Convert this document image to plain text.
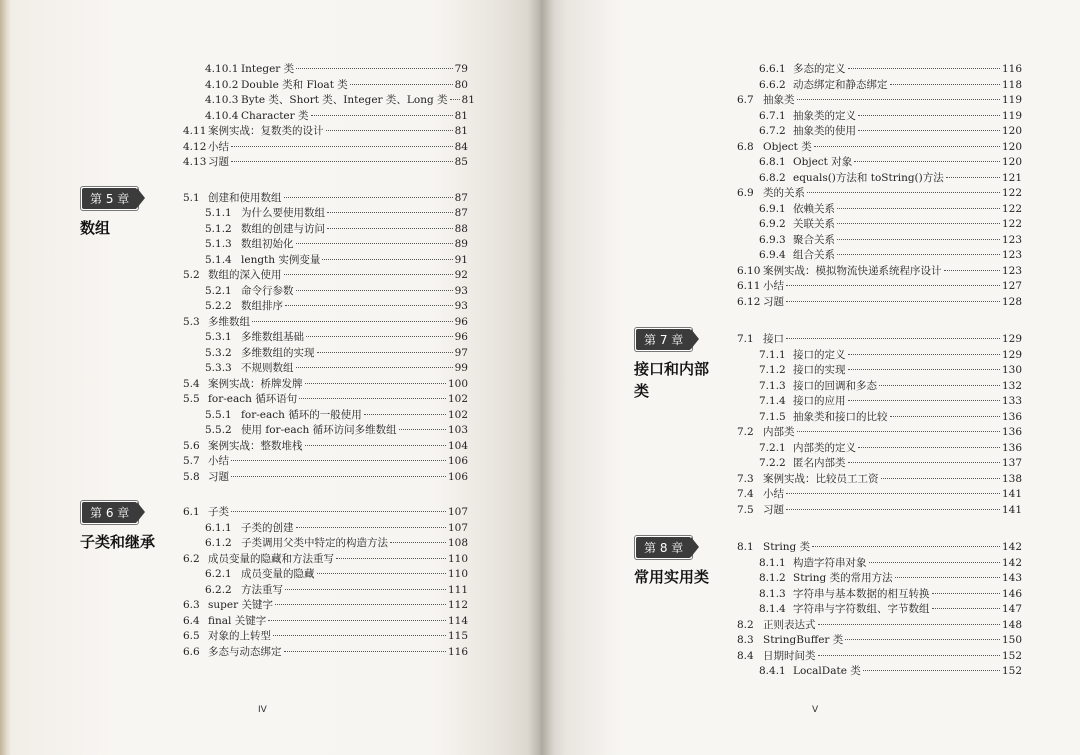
4.10.1 Integer 类	79
4.10.2 Double 类和 Float 类	80
4.10.3 Byte 类、Short 类、Integer 类、Long 类 81
4.10.4 Character 类	81
4.11 案例实战：复数类的设计	81
4.12 小结	84
4.13 习题	85
第 5 章
数组
5.1 创建和使用数组	87
5.1.1 为什么要使用数组	87
5.1.2 数组的创建与访问	88
5.1.3 数组初始化	89
5.1.4 length 实例变量	91
5.2 数组的深入使用	92
5.2.1 命令行参数	93
5.2.2 数组排序	93
5.3 多维数组	96
5.3.1 多维数组基础	96
5.3.2 多维数组的实现	97
5.3.3 不规则数组	99
5.4 案例实战：桥牌发牌	100
5.5 for-each 循环语句	102
5.5.1 for-each 循环的一般使用	102
5.5.2 使用 for-each 循环访问多维数组	103
5.6 案例实战：整数堆栈	104
5.7 小结	106
5.8 习题	106
第 6 章
子类和继承
6.1 子类	107
6.1.1 子类的创建	107
6.1.2 子类调用父类中特定的构造方法	108
6.2 成员变量的隐藏和方法重写	110
6.2.1 成员变量的隐藏	110
6.2.2 方法重写	111
6.3 super 关键字	112
6.4 final 关键字	114
6.5 对象的上转型	115
6.6 多态与动态绑定	116
IV
6.6.1 多态的定义	116
6.6.2 动态绑定和静态绑定	118
6.7 抽象类	119
6.7.1 抽象类的定义	119
6.7.2 抽象类的使用	120
6.8 Object 类	120
6.8.1 Object 对象	120
6.8.2 equals()方法和 toString()方法	121
6.9 类的关系	122
6.9.1 依赖关系	122
6.9.2 关联关系	122
6.9.3 聚合关系	123
6.9.4 组合关系	123
6.10 案例实战：模拟物流快递系统程序设计	123
6.11 小结	127
6.12 习题	128
第 7 章
接口和内部类
7.1 接口	129
7.1.1 接口的定义	129
7.1.2 接口的实现	130
7.1.3 接口的回调和多态	132
7.1.4 接口的应用	133
7.1.5 抽象类和接口的比较	136
7.2 内部类	136
7.2.1 内部类的定义	136
7.2.2 匿名内部类	137
7.3 案例实战：比较员工工资	138
7.4 小结	141
7.5 习题	141
第 8 章
常用实用类
8.1 String 类	142
8.1.1 构造字符串对象	142
8.1.2 String 类的常用方法	143
8.1.3 字符串与基本数据的相互转换	146
8.1.4 字符串与字符数组、字节数组	147
8.2 正则表达式	148
8.3 StringBuffer 类	150
8.4 日期时间类	152
8.4.1 LocalDate 类	152
V
